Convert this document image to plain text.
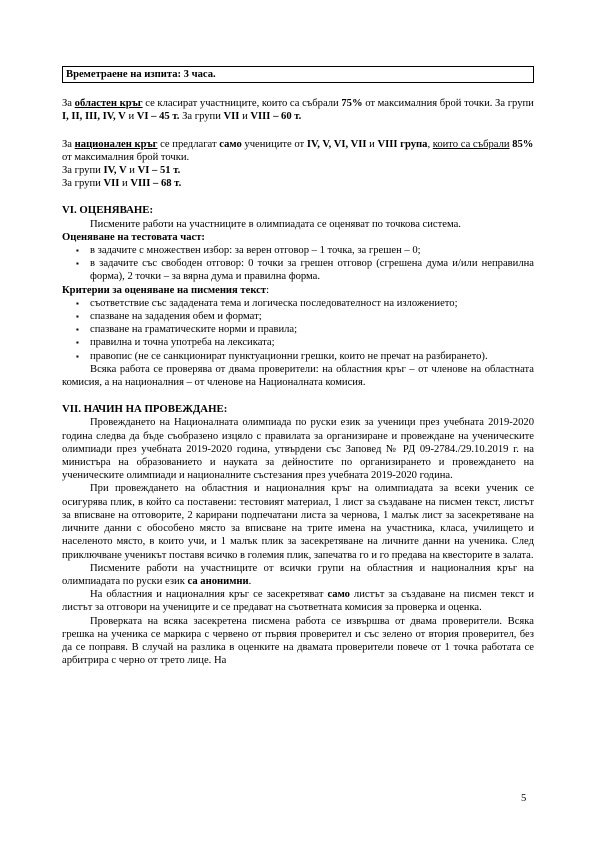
Времетраене на изпита: 3 часа.

За областен кръг се класират участниците, които са събрали 75% от максималния брой точки. За групи I, II, III, IV, V и VI – 45 т. За групи VII и VIII – 60 т.

За национален кръг се предлагат само учениците от IV, V, VI, VII и VIII група, които са събрали 85% от максималния брой точки.

За групи IV, V и VI – 51 т.

За групи VII и VIII – 68 т.

VI. ОЦЕНЯВАНЕ:

Писмените работи на участниците в олимпиадата се оценяват по точкова система.

Оценяване на тестовата част:

▪ в задачите с множествен избор: за верен отговор – 1 точка, за грешен – 0;
▪ в задачите със свободен отговор: 0 точки за грешен отговор (сгрешена дума и/или неправилна форма), 2 точки – за вярна дума и правилна форма.

Критерии за оценяване на писмения текст:

▪ съответствие със зададената тема и логическа последователност на изложението;
▪ спазване на зададения обем и формат;
▪ спазване на граматическите норми и правила;
▪ правилна и точна употреба на лексиката;
▪ правопис (не се санкционират пунктуационни грешки, които не пречат на разбирането).

Всяка работа се проверява от двама проверители: на областния кръг – от членове на областната комисия, а на националния – от членове на Националната комисия.

VII. НАЧИН НА ПРОВЕЖДАНЕ:

Провеждането на Националната олимпиада по руски език за ученици през учебната 2019-2020 година следва да бъде съобразено изцяло с правилата за организиране и провеждане на ученическите олимпиади през учебната 2019-2020 година, утвърдени със Заповед № РД 09-2784./29.10.2019 г. на министъра на образованието и науката за дейностите по организирането и провеждането на ученическите олимпиади и националните състезания през учебната 2019-2020 година.

При провеждането на областния и националния кръг на олимпиадата за всеки ученик се осигурява плик, в който са поставени: тестовият материал, 1 лист за създаване на писмен текст, листът за вписване на отговорите, 2 карирани подпечатани листа за чернова, 1 малък лист за засекретяване на личните данни с обособено място за вписване на трите имена на участника, класа, училището и населеното място, в които учи, и 1 малък плик за засекретяване на личните данни на ученика. След приключване ученикът поставя всичко в големия плик, запечатва го и го предава на квесторите в залата.

Писмените работи на участниците от всички групи на областния и националния кръг на олимпиадата по руски език са анонимни.

На областния и националния кръг се засекретяват само листът за създаване на писмен текст и листът за отговори на учениците и се предават на съответната комисия за проверка и оценка.

Проверката на всяка засекретена писмена работа се извършва от двама проверители. Всяка грешка на ученика се маркира с червено от първия проверител и със зелено от втория проверител, без да се поправя. В случай на разлика в оценките на двамата проверители повече от 1 точка работата се арбитрира с черно от трето лице. На

5
